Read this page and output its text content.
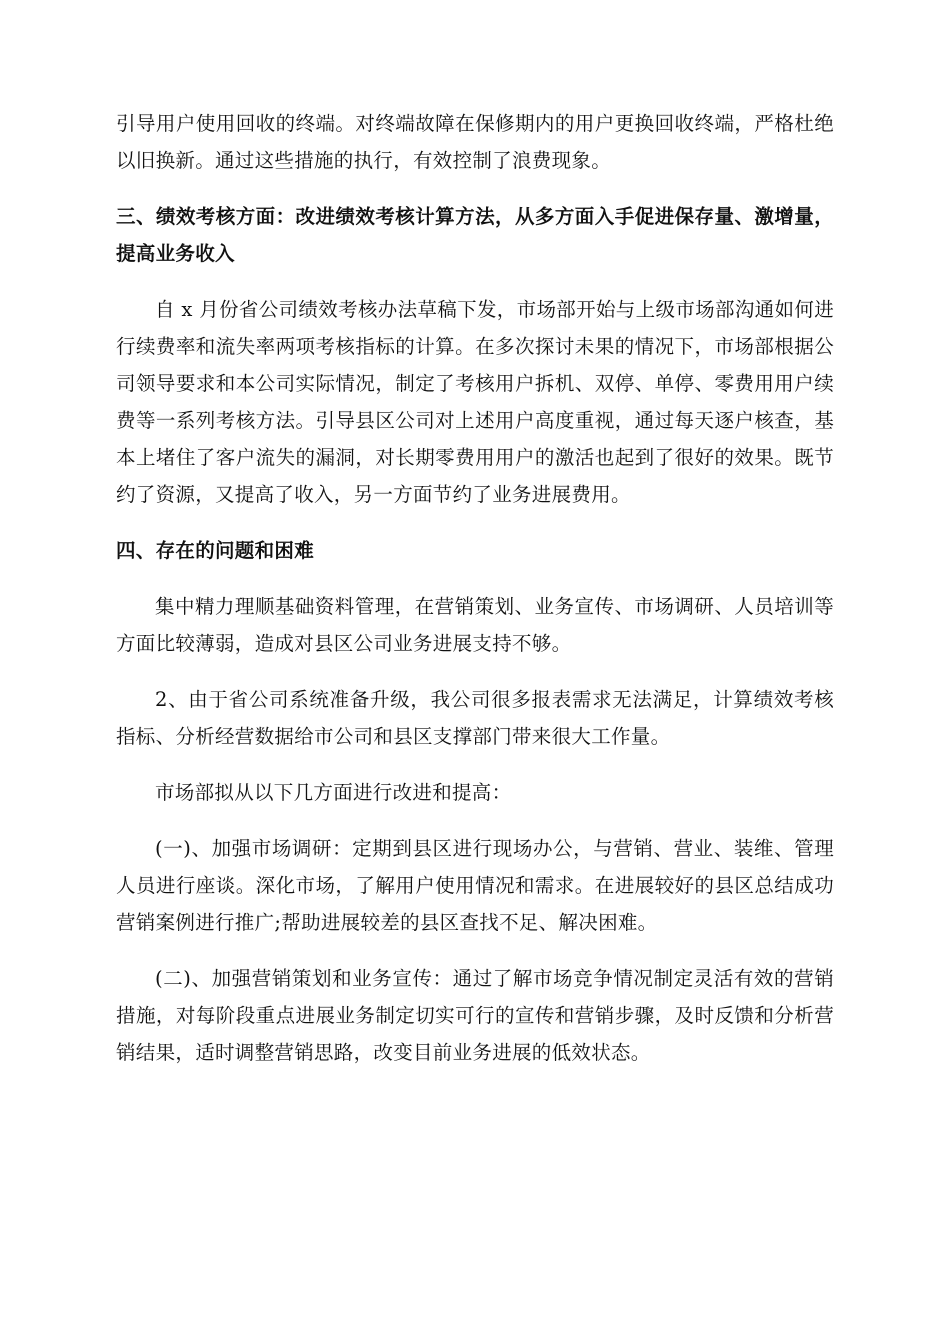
引导用户使用回收的终端。对终端故障在保修期内的用户更换回收终端，严格杜绝以旧换新。通过这些措施的执行，有效控制了浪费现象。

三、绩效考核方面：改进绩效考核计算方法，从多方面入手促进保存量、激增量，提高业务收入

自 x 月份省公司绩效考核办法草稿下发，市场部开始与上级市场部沟通如何进行续费率和流失率两项考核指标的计算。在多次探讨未果的情况下，市场部根据公司领导要求和本公司实际情况，制定了考核用户拆机、双停、单停、零费用用户续费等一系列考核方法。引导县区公司对上述用户高度重视，通过每天逐户核查，基本上堵住了客户流失的漏洞，对长期零费用用户的激活也起到了很好的效果。既节约了资源，又提高了收入，另一方面节约了业务进展费用。

四、存在的问题和困难

集中精力理顺基础资料管理，在营销策划、业务宣传、市场调研、人员培训等方面比较薄弱，造成对县区公司业务进展支持不够。

2、由于省公司系统准备升级，我公司很多报表需求无法满足，计算绩效考核指标、分析经营数据给市公司和县区支撑部门带来很大工作量。

市场部拟从以下几方面进行改进和提高：

(一)、加强市场调研：定期到县区进行现场办公，与营销、营业、装维、管理人员进行座谈。深化市场，了解用户使用情况和需求。在进展较好的县区总结成功营销案例进行推广;帮助进展较差的县区查找不足、解决困难。

(二)、加强营销策划和业务宣传：通过了解市场竞争情况制定灵活有效的营销措施，对每阶段重点进展业务制定切实可行的宣传和营销步骤，及时反馈和分析营销结果，适时调整营销思路，改变目前业务进展的低效状态。
